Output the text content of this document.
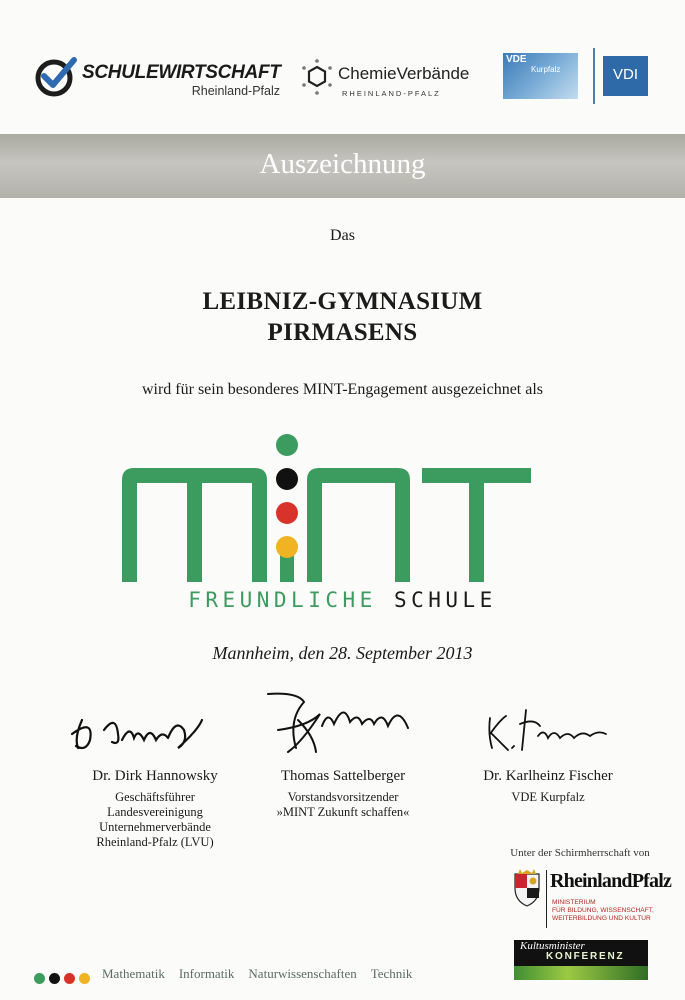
SCHULEWIRTSCHAFT
Rheinland-Pfalz
ChemieVerbände
RHEINLAND-PFALZ
VDE
Kurpfalz	VDI
Auszeichnung
Das
LEIBNIZ-GYMNASIUM
PIRMASENS
wird für sein besonderes MINT-Engagement ausgezeichnet als
FREUNDLICHE SCHULE
Mannheim, den 28. September 2013
Dr. Dirk Hannowsky
Geschäftsführer
Landesvereinigung
Unternehmerverbände
Rheinland-Pfalz (LVU)
Thomas Sattelberger
Vorstandsvorsitzender
»MINT Zukunft schaffen«
Dr. Karlheinz Fischer
VDE Kurpfalz
Unter der Schirmherrschaft von
RheinlandPfalz
MINISTERIUM
FÜR BILDUNG, WISSENSCHAFT,
WEITERBILDUNG UND KULTUR
Kultusminister
KONFERENZ
Mathematik Informatik Naturwissenschaften Technik
